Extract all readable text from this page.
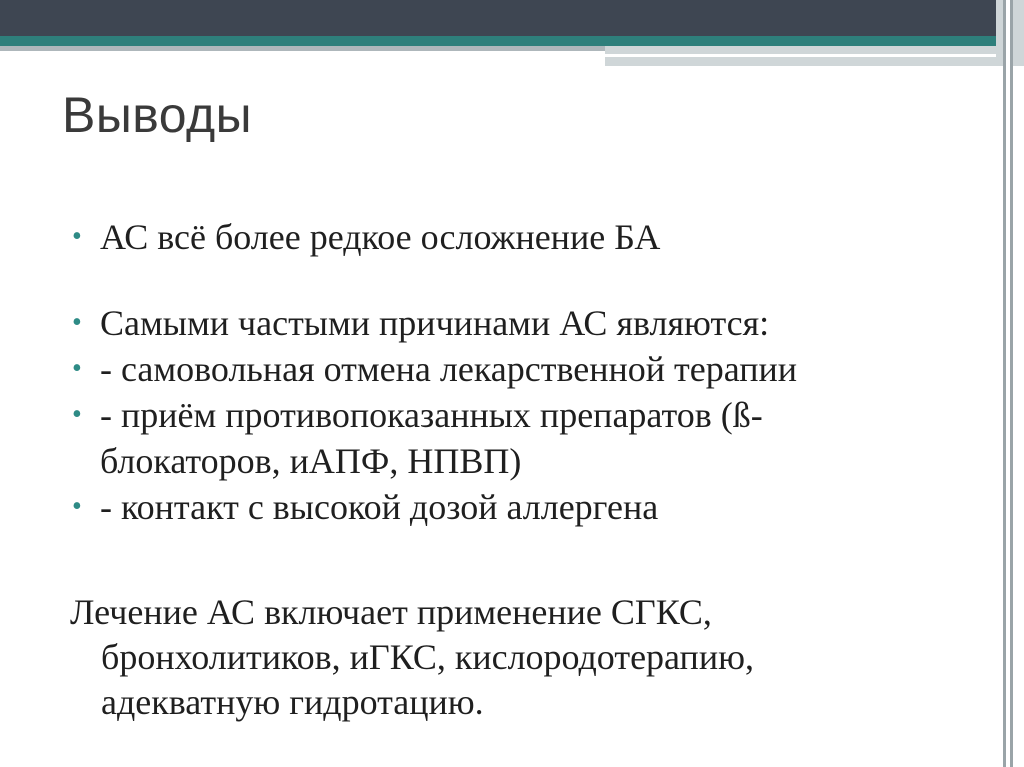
Выводы
• АС всё более редкое осложнение БА
• Самыми частыми причинами АС являются:
• - самовольная отмена лекарственной терапии
• - приём противопоказанных препаратов (ß-
блокаторов, иАПФ, НПВП)
• - контакт с высокой дозой аллергена

Лечение АС включает применение СГКС,
бронхолитиков, иГКС, кислородотерапию,
адекватную гидротацию.
